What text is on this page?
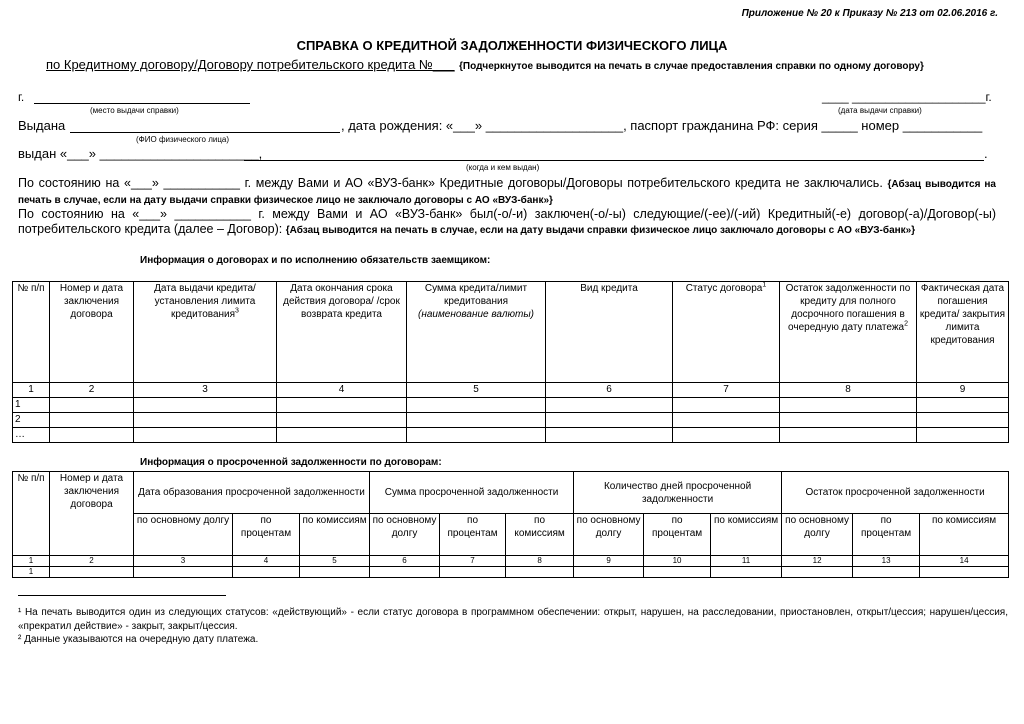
Приложение № 20 к Приказу № 213 от 02.06.2016 г.
СПРАВКА О КРЕДИТНОЙ ЗАДОЛЖЕННОСТИ ФИЗИЧЕСКОГО ЛИЦА
по Кредитному договору/Договору потребительского кредита №___ {Подчеркнутое выводится на печать в случае предоставления справки по одному договору}
г.
(место выдачи справки)
____ ____________________г.
(дата выдачи справки)
Выдана	, дата рождения: «___» ___________________, паспорт гражданина РФ: серия _____ номер ___________
(ФИО физического лица)
выдан «___» ______________________,	.
(когда и кем выдан)
По состоянию на «___» ___________ г. между Вами и АО «ВУЗ-банк» Кредитные договоры/Договоры потребительского кредита не заключались. {Абзац выводится на печать в случае, если на дату выдачи справки физическое лицо не заключало договоры с АО «ВУЗ-банк»}
По состоянию на «___» ___________ г. между Вами и АО «ВУЗ-банк» был(-о/-и) заключен(-о/-ы) следующие/(-ее)/(-ий) Кредитный(-е) договор(-а)/Договор(-ы) потребительского кредита (далее – Договор): {Абзац выводится на печать в случае, если на дату выдачи справки физическое лицо заключало договоры с АО «ВУЗ-банк»}
Информация о договорах и по исполнению обязательств заемщиком:
№ п/п	Номер и дата заключения договора	Дата выдачи кредита/установления лимита кредитования$^3$	Дата окончания срока действия договора/ /срок возврата кредита	Сумма кредита/лимит кредитования
(наименование валюты)	Вид кредита	Статус договора$^1$	Остаток задолженности по кредиту для полного досрочного погашения в очередную дату платежа$^2$	Фактическая дата погашения кредита/ закрытия лимита кредитования
1	2	3	4	5	6	7	8	9
1								
2								
…								
Информация о просроченной задолженности по договорам:
№ п/п	Номер и дата заключения договора	Дата образования просроченной задолженности			Сумма просроченной задолженности			Количество дней просроченной задолженности			Остаток просроченной задолженности		
		по основному долгу	по процентам	по комиссиям	по основному долгу	по процентам	по комиссиям	по основному долгу	по процентам	по комиссиям	по основному долгу	по процентам	по комиссиям
1	2	3	4	5	6	7	8	9	10	11	12	13	14
1													
¹ На печать выводится один из следующих статусов: «действующий» - если статус договора в программном обеспечении: открыт, нарушен, на расследовании, приостановлен, открыт/цессия; нарушен/цессия, «прекратил действие» - закрыт, закрыт/цессия.
² Данные указываются на очередную дату платежа.
